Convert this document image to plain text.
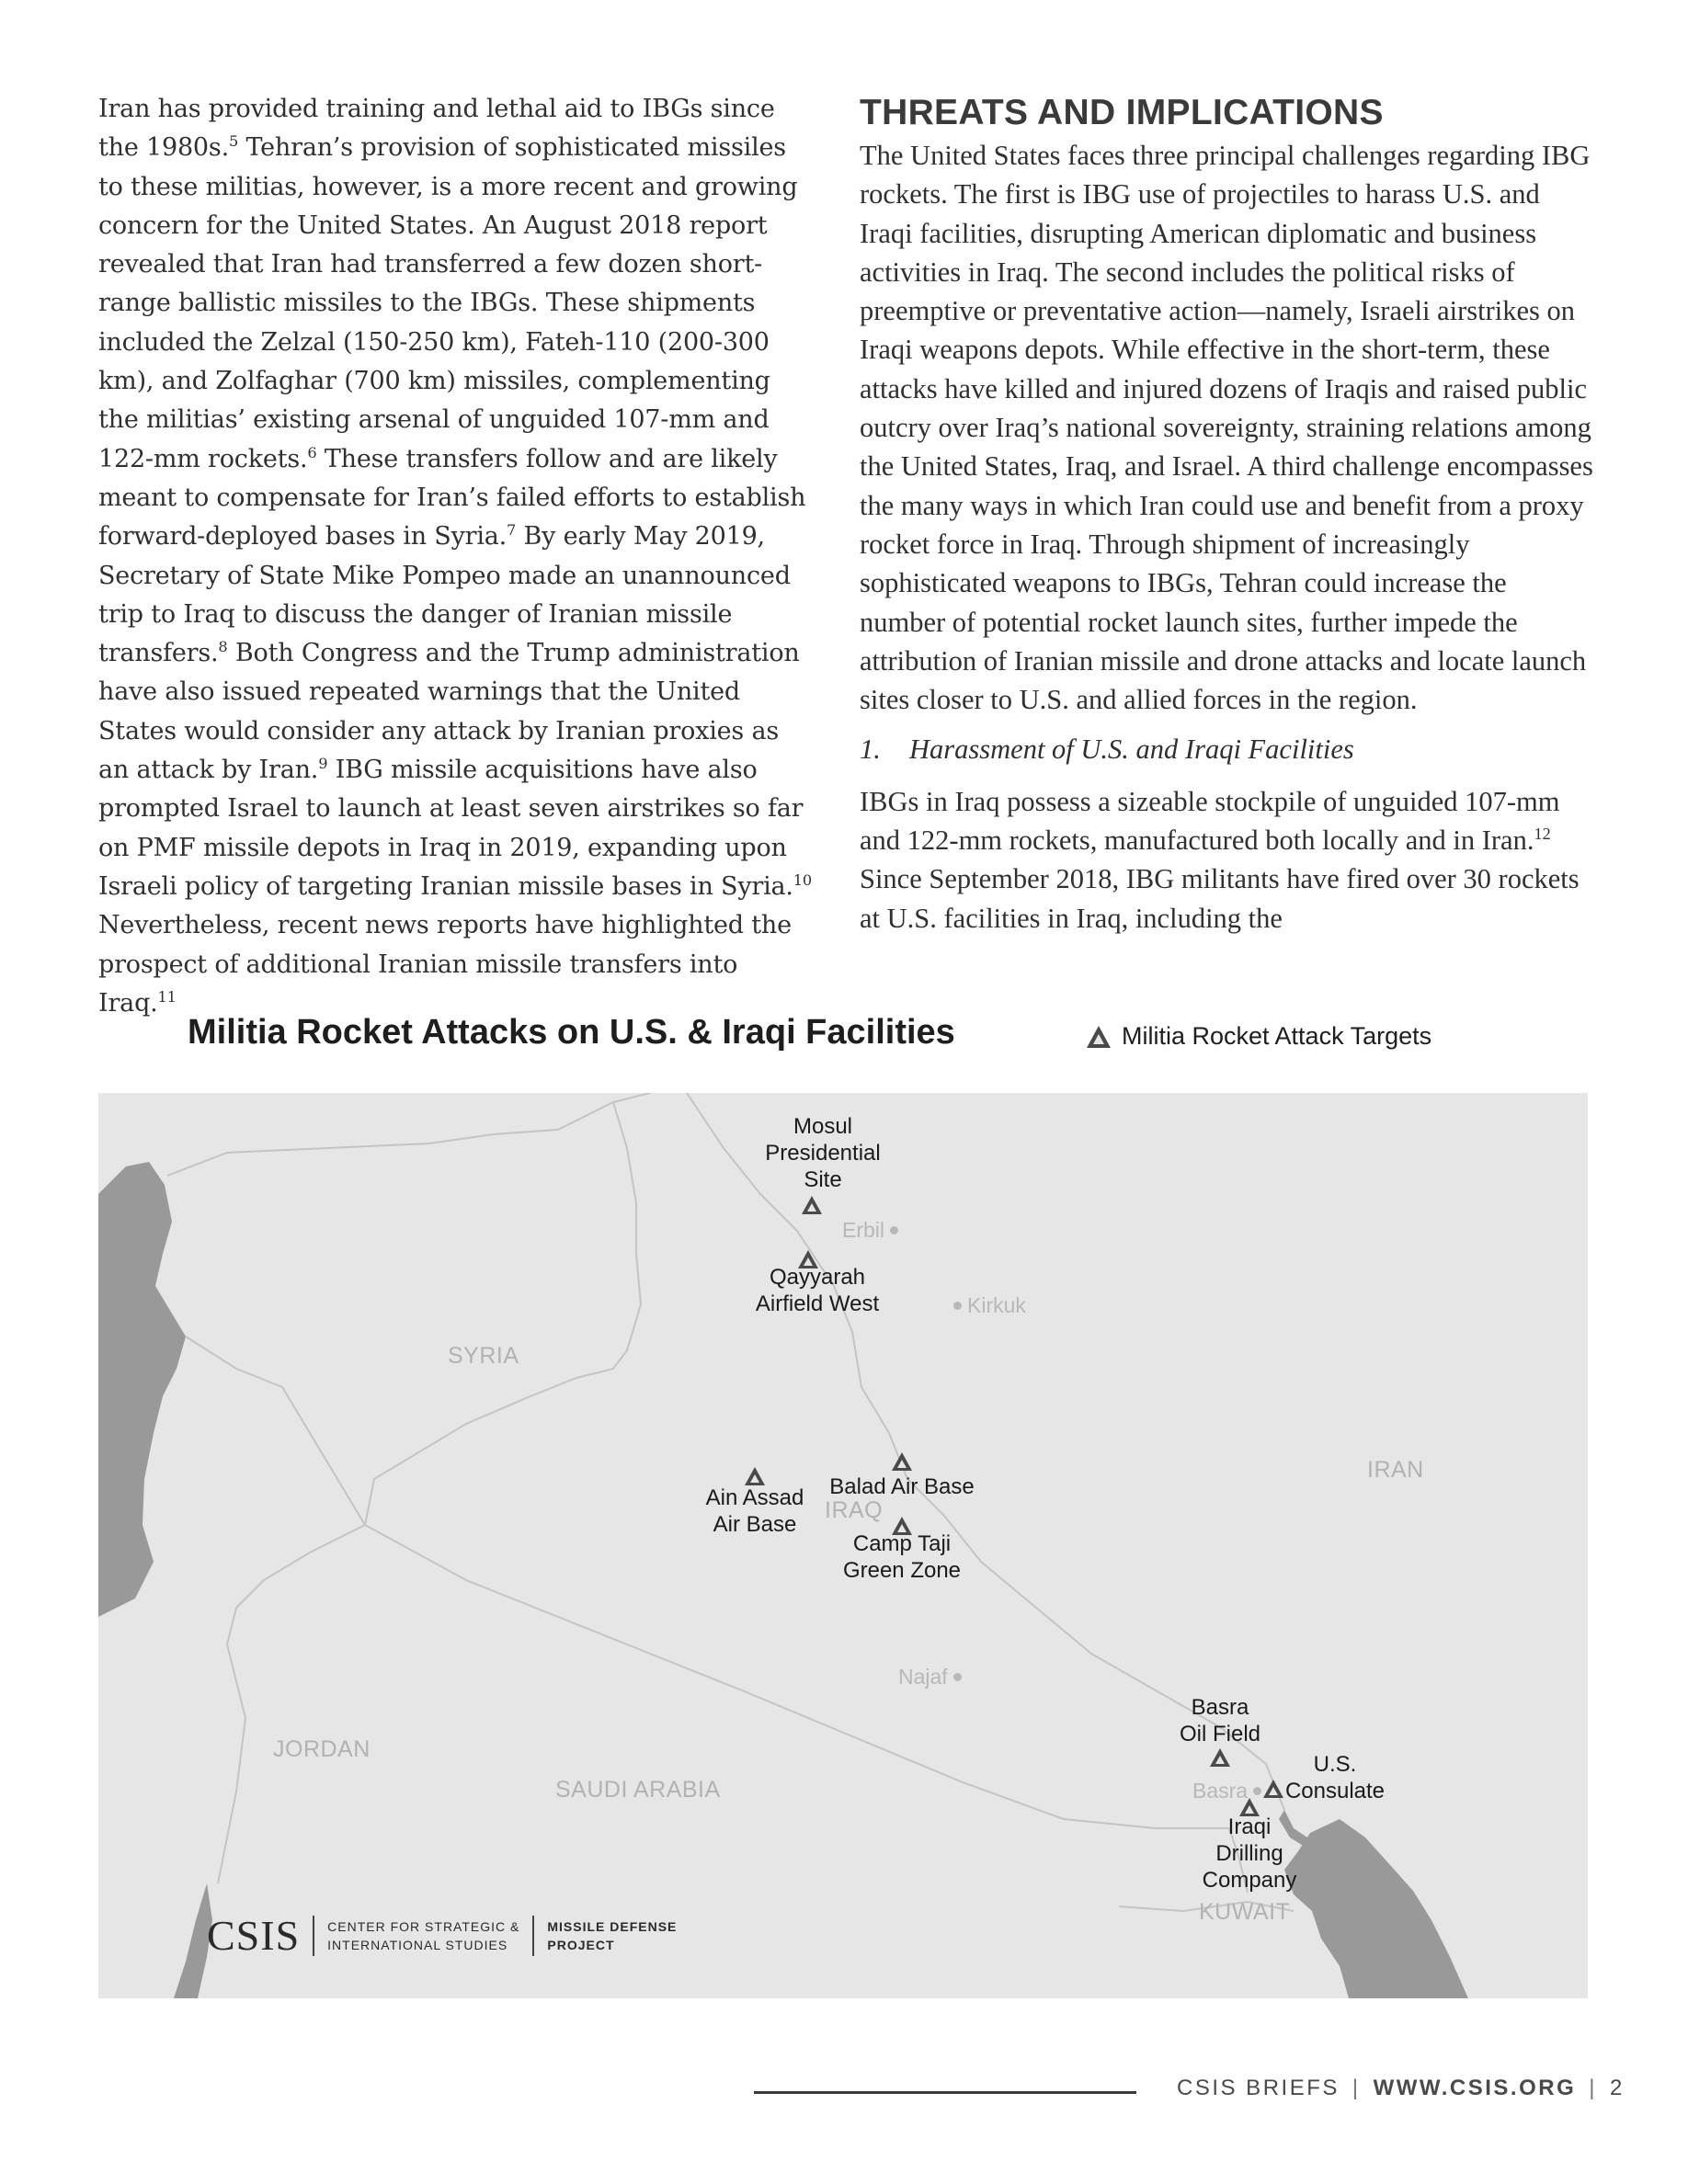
Iran has provided training and lethal aid to IBGs since the 1980s.$^5$ Tehran’s provision of sophisticated missiles to these militias, however, is a more recent and growing concern for the United States. An August 2018 report revealed that Iran had transferred a few dozen short-range ballistic missiles to the IBGs. These shipments included the Zelzal (150-250 km), Fateh-110 (200-300 km), and Zolfaghar (700 km) missiles, complementing the militias’ existing arsenal of unguided 107-mm and 122-mm rockets.$^6$ These transfers follow and are likely meant to compensate for Iran’s failed efforts to establish forward-deployed bases in Syria.$^7$ By early May 2019, Secretary of State Mike Pompeo made an unannounced trip to Iraq to discuss the danger of Iranian missile transfers.$^8$ Both Congress and the Trump administration have also issued repeated warnings that the United States would consider any attack by Iranian proxies as an attack by Iran.$^9$ IBG missile acquisitions have also prompted Israel to launch at least seven airstrikes so far on PMF missile depots in Iraq in 2019, expanding upon Israeli policy of targeting Iranian missile bases in Syria.$^{10}$ Nevertheless, recent news reports have highlighted the prospect of additional Iranian missile transfers into Iraq.$^{11}$

THREATS AND IMPLICATIONS

The United States faces three principal challenges regarding IBG rockets. The first is IBG use of projectiles to harass U.S. and Iraqi facilities, disrupting American diplomatic and business activities in Iraq. The second includes the political risks of preemptive or preventative action—namely, Israeli airstrikes on Iraqi weapons depots. While effective in the short-term, these attacks have killed and injured dozens of Iraqis and raised public outcry over Iraq’s national sovereignty, straining relations among the United States, Iraq, and Israel. A third challenge encompasses the many ways in which Iran could use and benefit from a proxy rocket force in Iraq. Through shipment of increasingly sophisticated weapons to IBGs, Tehran could increase the number of potential rocket launch sites, further impede the attribution of Iranian missile and drone attacks and locate launch sites closer to U.S. and allied forces in the region.

1.	Harassment of U.S. and Iraqi Facilities

IBGs in Iraq possess a sizeable stockpile of unguided 107-mm and 122-mm rockets, manufactured both locally and in Iran.$^{12}$ Since September 2018, IBG militants have fired over 30 rockets at U.S. facilities in Iraq, including the

Militia Rocket Attacks on U.S. & Iraqi Facilities	Militia Rocket Attack Targets
SYRIA
IRAQ
IRAN
JORDAN
SAUDI ARABIA
KUWAIT
Erbil
Kirkuk
Najaf
Basra
Mosul
Presidential
Site
Qayyarah
Airfield West
Ain Assad
Air Base
Balad Air Base
Camp Taji
Green Zone
Basra
Oil Field
U.S.
Consulate
Iraqi
Drilling
Company
CSIS CENTER FOR STRATEGIC &
INTERNATIONAL STUDIES
MISSILE DEFENSE
PROJECT
CSIS BRIEFS | WWW.CSIS.ORG | 2
